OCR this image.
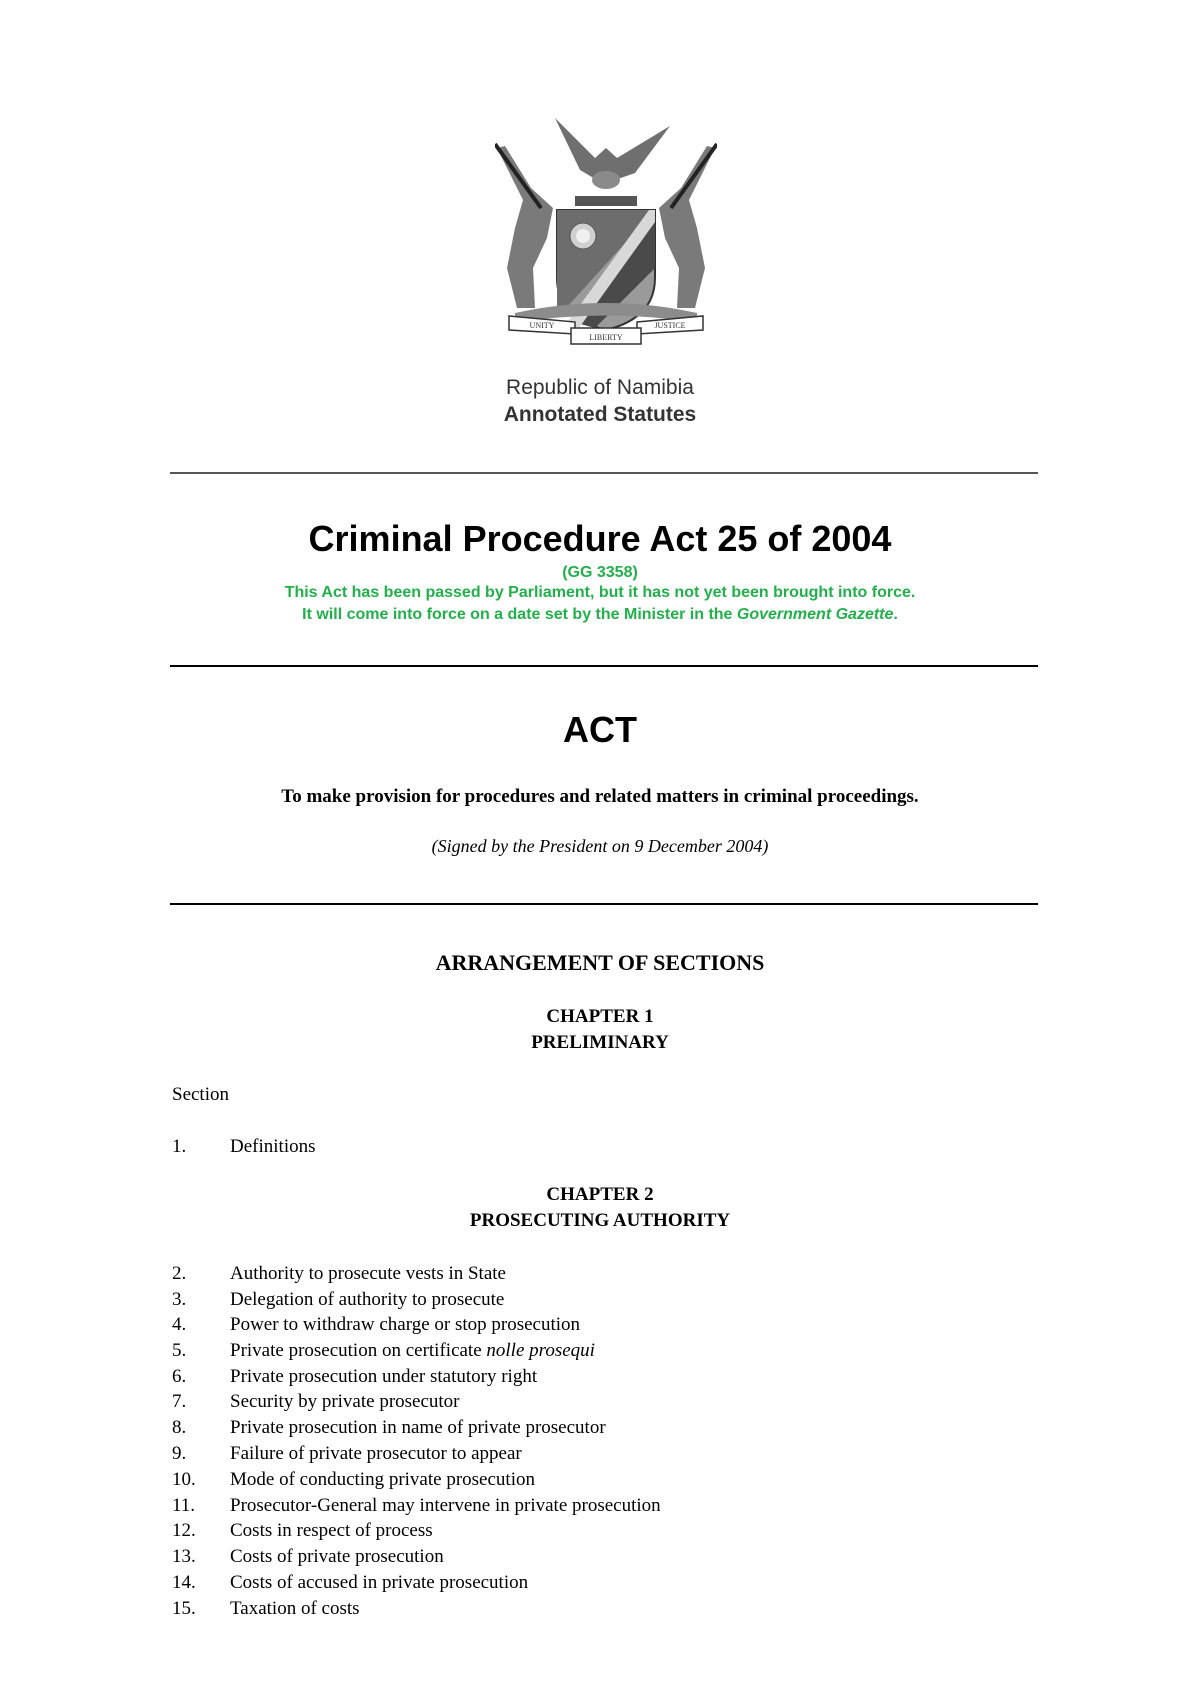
UNITY
LIBERTY
JUSTICE
Republic of Namibia
Annotated Statutes
Criminal Procedure Act 25 of 2004
(GG 3358)
This Act has been passed by Parliament, but it has not yet been brought into force.
It will come into force on a date set by the Minister in the Government Gazette.
ACT
To make provision for procedures and related matters in criminal proceedings.
(Signed by the President on 9 December 2004)
ARRANGEMENT OF SECTIONS
CHAPTER 1
PRELIMINARY
Section
1. Definitions
CHAPTER 2
PROSECUTING AUTHORITY
2. Authority to prosecute vests in State
3. Delegation of authority to prosecute
4. Power to withdraw charge or stop prosecution
5. Private prosecution on certificate nolle prosequi
6. Private prosecution under statutory right
7. Security by private prosecutor
8. Private prosecution in name of private prosecutor
9. Failure of private prosecutor to appear
10. Mode of conducting private prosecution
11. Prosecutor-General may intervene in private prosecution
12. Costs in respect of process
13. Costs of private prosecution
14. Costs of accused in private prosecution
15. Taxation of costs
